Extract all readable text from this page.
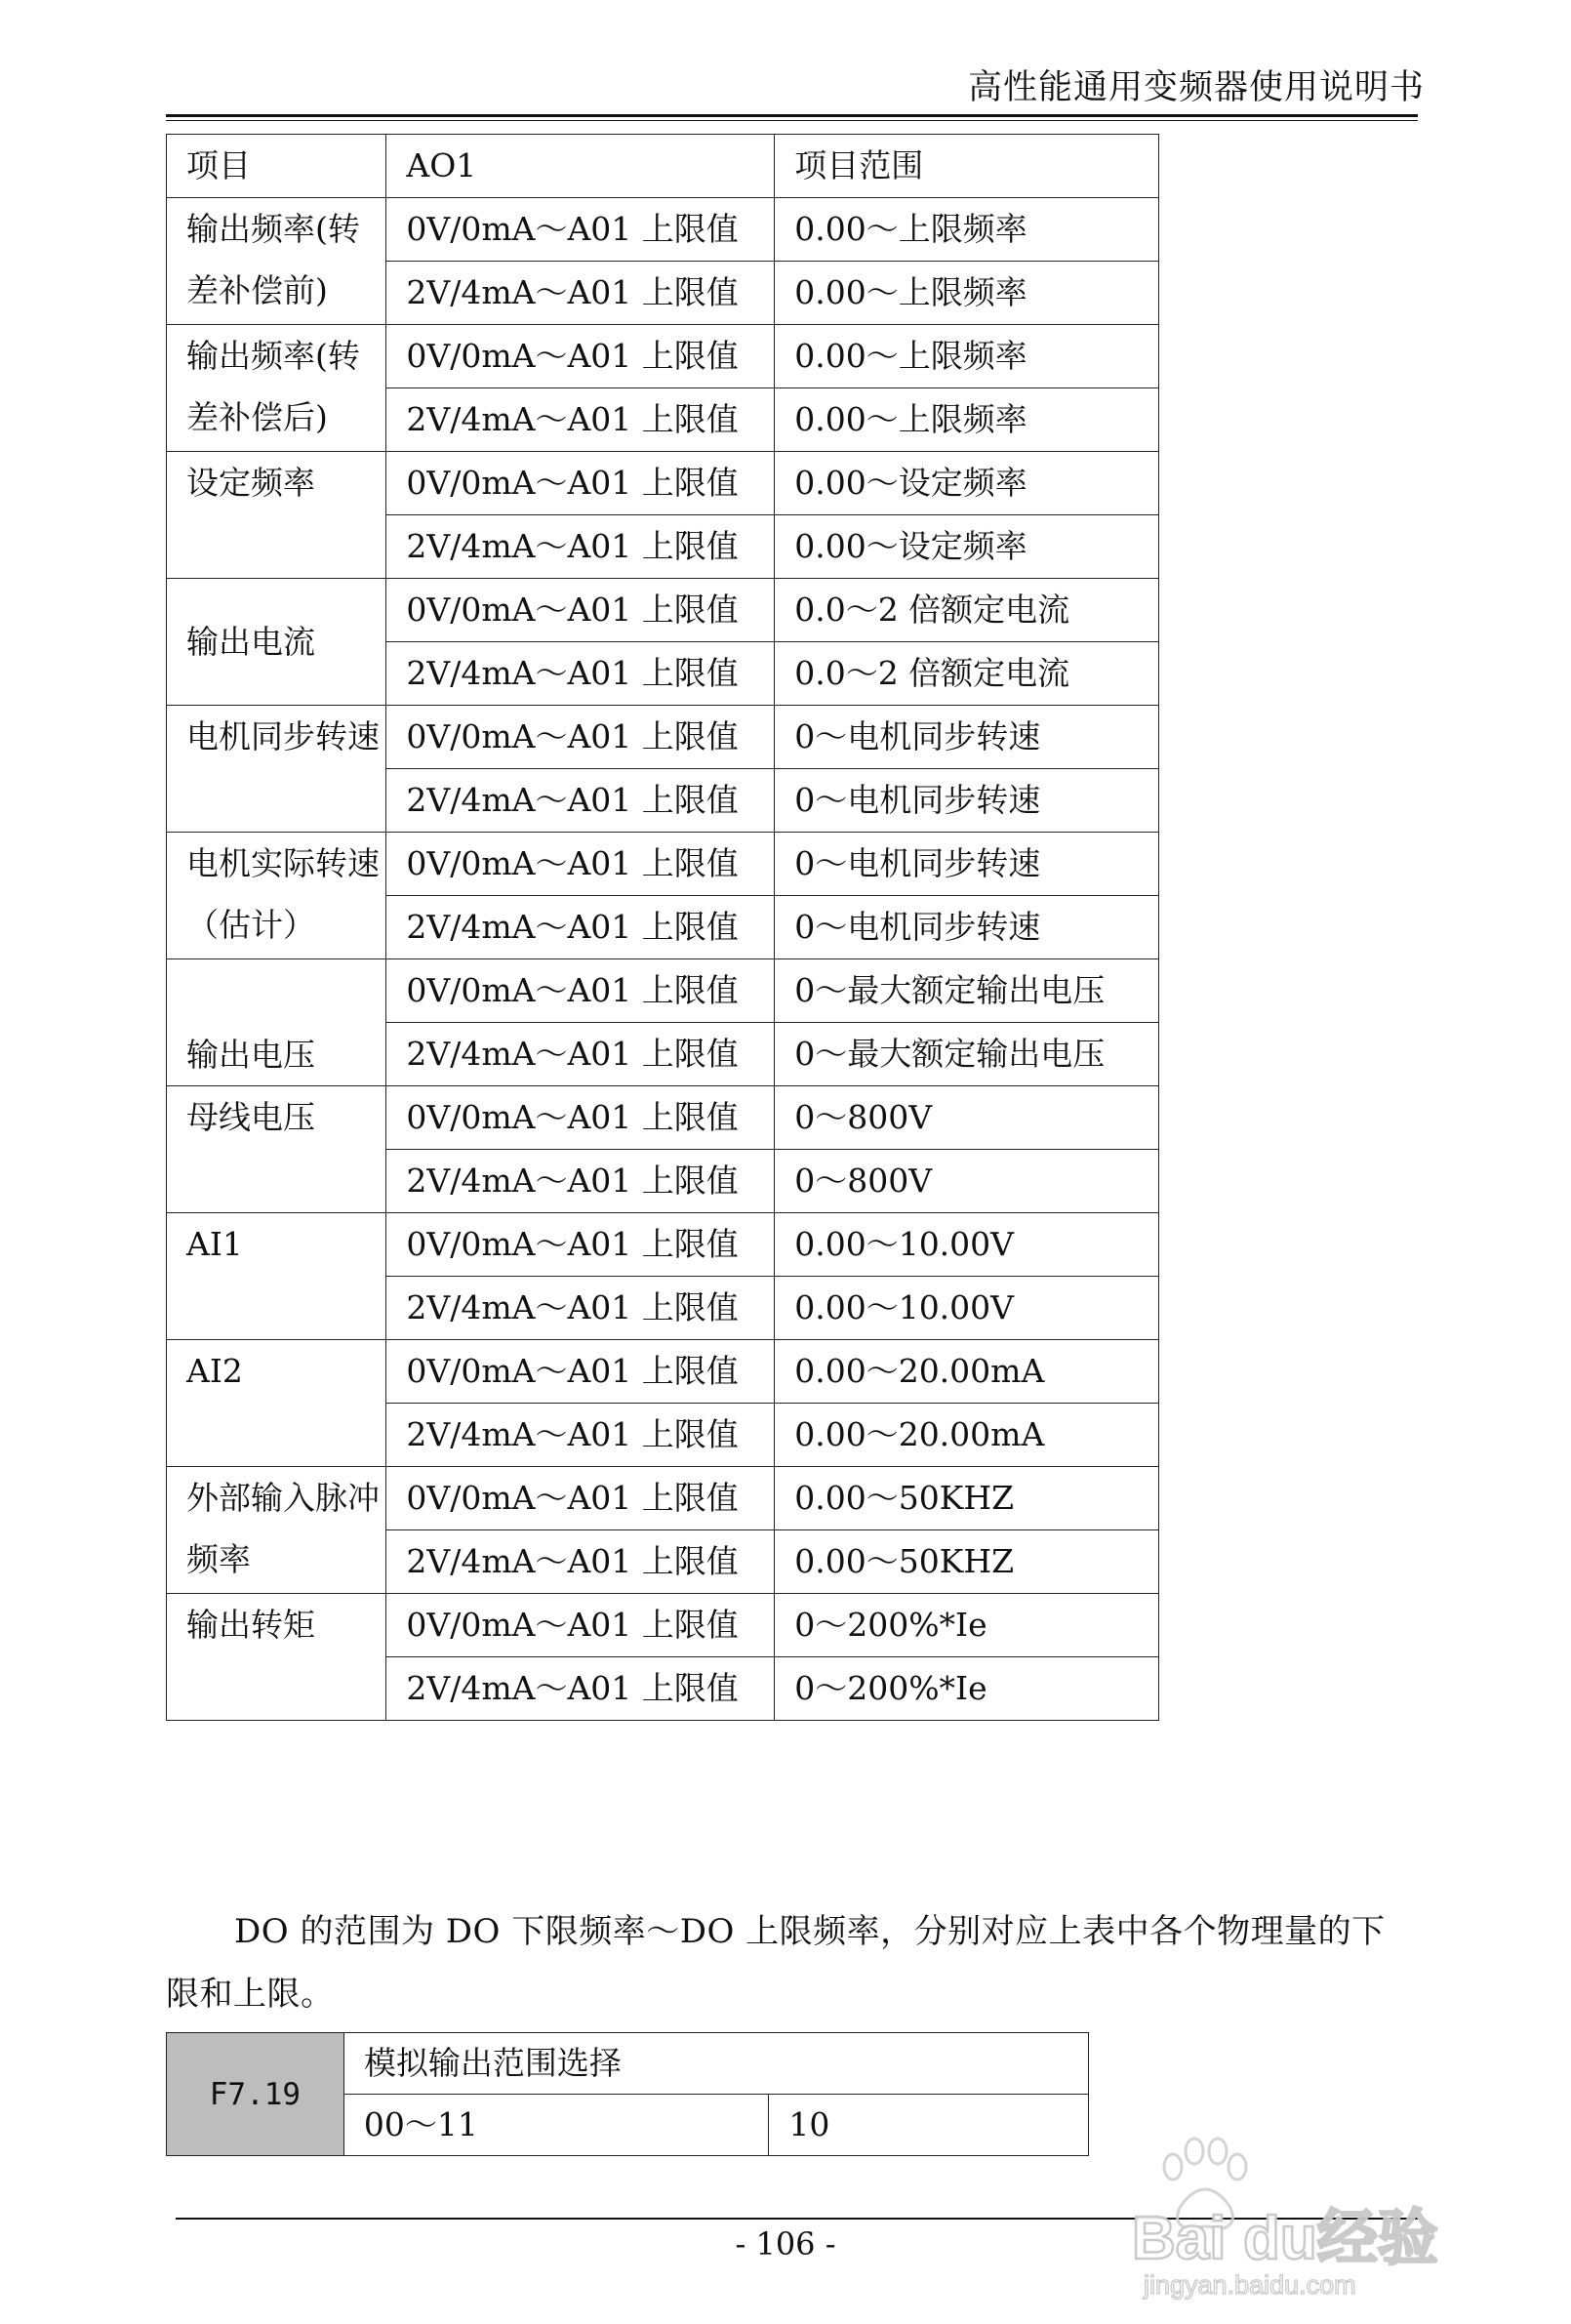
高性能通用变频器使用说明书
项目	AO1	项目范围
输出频率(转差补偿前)	0V/0mA～A01 上限值	0.00～上限频率
	2V/4mA～A01 上限值	0.00～上限频率
输出频率(转差补偿后)	0V/0mA～A01 上限值	0.00～上限频率
	2V/4mA～A01 上限值	0.00～上限频率
设定频率	0V/0mA～A01 上限值	0.00～设定频率
	2V/4mA～A01 上限值	0.00～设定频率
输出电流	0V/0mA～A01 上限值	0.0～2 倍额定电流
	2V/4mA～A01 上限值	0.0～2 倍额定电流
电机同步转速	0V/0mA～A01 上限值	0～电机同步转速
	2V/4mA～A01 上限值	0～电机同步转速
电机实际转速（估计）	0V/0mA～A01 上限值	0～电机同步转速
	2V/4mA～A01 上限值	0～电机同步转速
输出电压	0V/0mA～A01 上限值	0～最大额定输出电压
	2V/4mA～A01 上限值	0～最大额定输出电压
母线电压	0V/0mA～A01 上限值	0～800V
	2V/4mA～A01 上限值	0～800V
AI1	0V/0mA～A01 上限值	0.00～10.00V
	2V/4mA～A01 上限值	0.00～10.00V
AI2	0V/0mA～A01 上限值	0.00～20.00mA
	2V/4mA～A01 上限值	0.00～20.00mA
外部输入脉冲频率	0V/0mA～A01 上限值	0.00～50KHZ
	2V/4mA～A01 上限值	0.00～50KHZ
输出转矩	0V/0mA～A01 上限值	0～200%*Ie
	2V/4mA～A01 上限值	0～200%*Ie
DO 的范围为 DO 下限频率～DO 上限频率，分别对应上表中各个物理量的下限和上限。
F7.19	模拟输出范围选择	
	00～11	10
- 106 -	Bai du经验
jingyan.baidu.com
